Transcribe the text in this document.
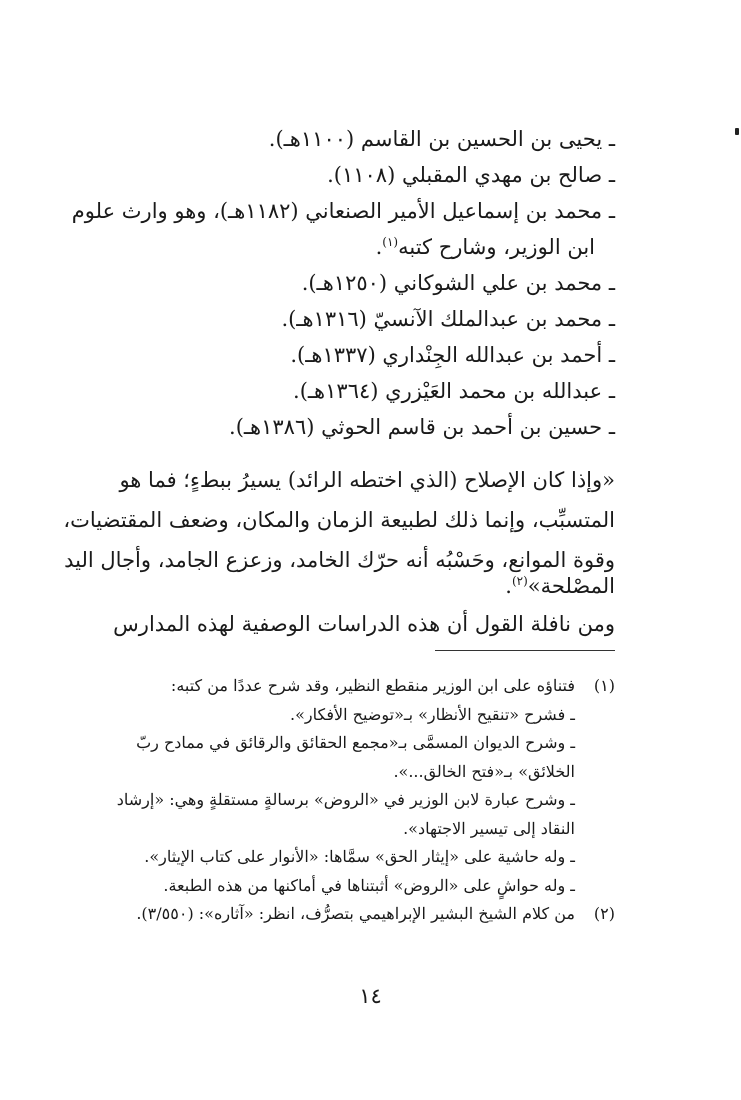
ـ يحيى بن الحسين بن القاسم (١١٠٠هـ).
ـ صالح بن مهدي المقبلي (١١٠٨).
ـ محمد بن إسماعيل الأمير الصنعاني (١١٨٢هـ)، وهو وارث علوم
ابن الوزير، وشارح كتبه$^{(١)}$.
ـ محمد بن علي الشوكاني (١٢٥٠هـ).
ـ محمد بن عبدالملك الآنسيّ (١٣١٦هـ).
ـ أحمد بن عبدالله الجِنْداري (١٣٣٧هـ).
ـ عبدالله بن محمد العَيْزري (١٣٦٤هـ).
ـ حسين بن أحمد بن قاسم الحوثي (١٣٨٦هـ).
«وإذا كان الإصلاح (الذي اختطه الرائد) يسيرُ ببطءٍ؛ فما هو
المتسبِّب، وإنما ذلك لطبيعة الزمان والمكان، وضعف المقتضيات،
وقوة الموانع، وحَسْبُه أنه حرّك الخامد، وزعزع الجامد، وأجال اليد
المصْلحة»$^{(٢)}$.
ومن نافلة القول أن هذه الدراسات الوصفية لهذه المدارس
(١)
فتناؤه على ابن الوزير منقطع النظير، وقد شرح عددًا من كتبه:
ـ فشرح «تنقيح الأنظار» بـ«توضيح الأفكار».
ـ وشرح الديوان المسمَّى بـ«مجمع الحقائق والرقائق في ممادح ربّ
الخلائق» بـ«فتح الخالق...».
ـ وشرح عبارة لابن الوزير في «الروض» برسالةٍ مستقلةٍ وهي: «إرشاد
النقاد إلى تيسير الاجتهاد».
ـ وله حاشية على «إيثار الحق» سمَّاها: «الأنوار على كتاب الإيثار».
ـ وله حواشٍ على «الروض» أثبتناها في أماكنها من هذه الطبعة.
(٢)
من كلام الشيخ البشير الإبراهيمي بتصرُّف، انظر: «آثاره»: (٣/٥٥٠).
١٤
